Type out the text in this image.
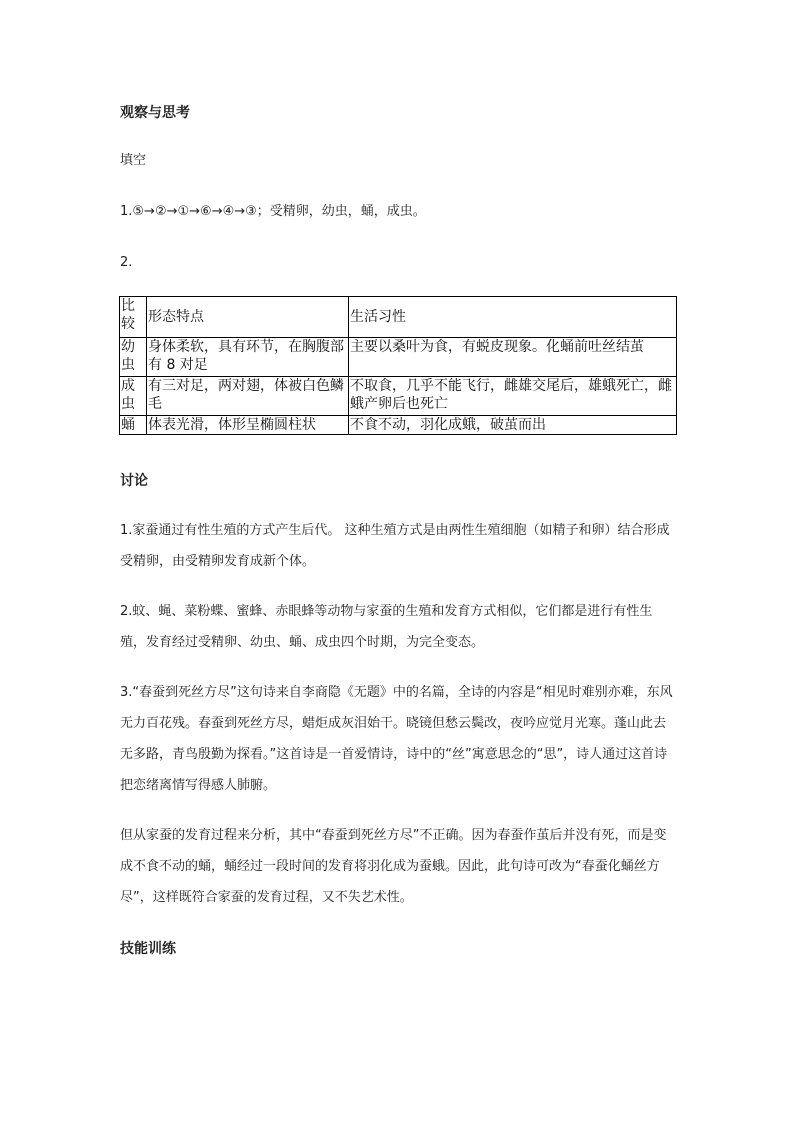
观察与思考

填空

1.⑤→②→①→⑥→④→③；受精卵，幼虫，蛹，成虫。

2.

比较	形态特点	生活习性
幼虫	身体柔软，具有环节，在胸腹部有 8 对足	主要以桑叶为食，有蜕皮现象。化蛹前吐丝结茧
成虫	有三对足，两对翅，体被白色鳞毛	不取食，几乎不能飞行，雌雄交尾后，雄蛾死亡，雌蛾产卵后也死亡
蛹	体表光滑，体形呈椭圆柱状	不食不动，羽化成蛾，破茧而出
讨论

1.家蚕通过有性生殖的方式产生后代。 这种生殖方式是由两性生殖细胞（如精子和卵）结合形成受精卵，由受精卵发育成新个体。

2.蚊、蝇、菜粉蝶、蜜蜂、赤眼蜂等动物与家蚕的生殖和发育方式相似，它们都是进行有性生殖，发育经过受精卵、幼虫、蛹、成虫四个时期，为完全变态。

3.“春蚕到死丝方尽”这句诗来自李商隐《无题》中的名篇，全诗的内容是“相见时难别亦难，东风无力百花残。春蚕到死丝方尽，蜡炬成灰泪始干。晓镜但愁云鬓改，夜吟应觉月光寒。蓬山此去无多路，青鸟殷勤为探看。”这首诗是一首爱情诗，诗中的“丝”寓意思念的“思”，诗人通过这首诗把恋绪离情写得感人肺腑。

但从家蚕的发育过程来分析，其中“春蚕到死丝方尽”不正确。因为春蚕作茧后并没有死，而是变成不食不动的蛹，蛹经过一段时间的发育将羽化成为蚕蛾。因此，此句诗可改为“春蚕化蛹丝方尽”，这样既符合家蚕的发育过程，又不失艺术性。

技能训练
